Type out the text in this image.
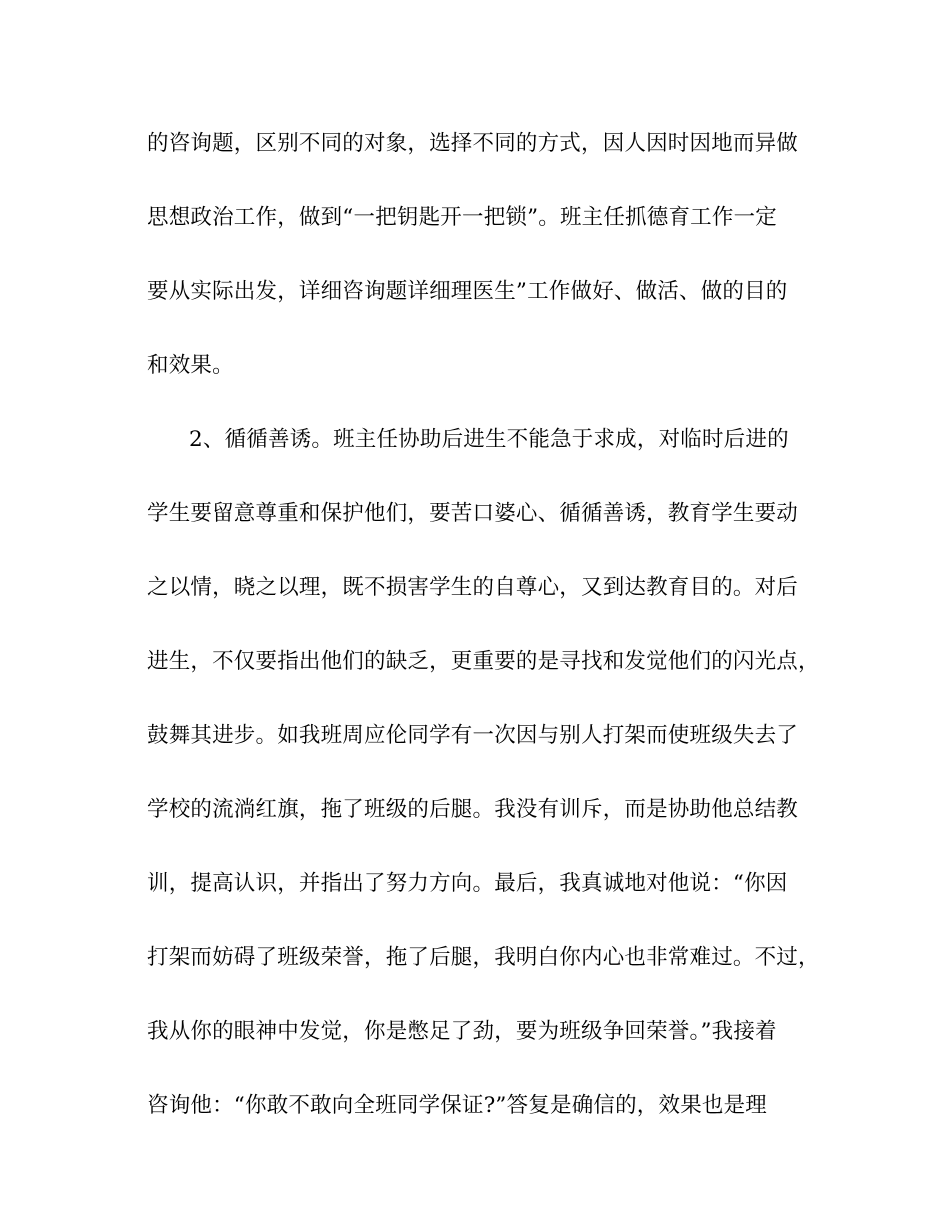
的咨询题，区别不同的对象，选择不同的方式，因人因时因地而异做
思想政治工作，做到“一把钥匙开一把锁”。班主任抓德育工作一定
要从实际出发，详细咨询题详细理医生”工作做好、做活、做的目的
和效果。
2、循循善诱。班主任协助后进生不能急于求成，对临时后进的
学生要留意尊重和保护他们，要苦口婆心、循循善诱，教育学生要动
之以情，晓之以理，既不损害学生的自尊心，又到达教育目的。对后
进生，不仅要指出他们的缺乏，更重要的是寻找和发觉他们的闪光点，
鼓舞其进步。如我班周应伦同学有一次因与别人打架而使班级失去了
学校的流淌红旗，拖了班级的后腿。我没有训斥，而是协助他总结教
训，提高认识，并指出了努力方向。最后，我真诚地对他说：“你因
打架而妨碍了班级荣誉，拖了后腿，我明白你内心也非常难过。不过，
我从你的眼神中发觉，你是憋足了劲，要为班级争回荣誉。”我接着
咨询他：“你敢不敢向全班同学保证?”答复是确信的，效果也是理
